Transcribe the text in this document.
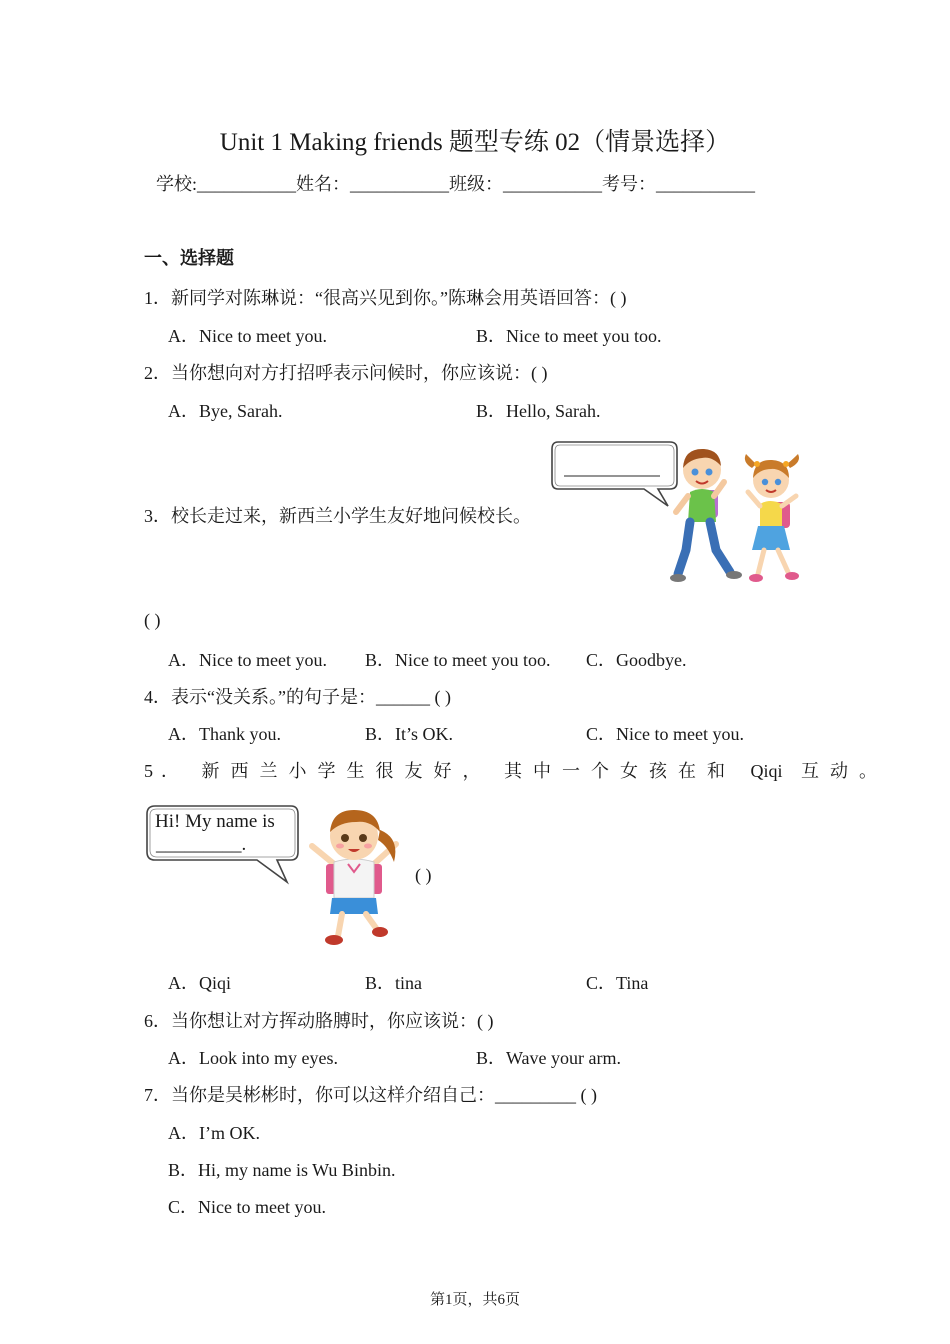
Unit 1 Making friends 题型专练 02（情景选择）
学校:___________姓名：___________班级：___________考号：___________
一、选择题
1．新同学对陈琳说：“很高兴见到你。”陈琳会用英语回答：( )
A．Nice to meet you.	B．Nice to meet you too.
2．当你想向对方打招呼表示问候时，你应该说：( )
A．Bye, Sarah.	B．Hello, Sarah.
3．校长走过来，新西兰小学生友好地问候校长。
( )
A．Nice to meet you. B．Nice to meet you too. C．Goodbye.
4．表示“没关系。”的句子是：______ ( )
A．Thank you.	B．It’s OK.	C．Nice to meet you.
5． 新西兰小学生很友好， 其中一个女孩在和 Qiqi 互动。
Hi! My name is
_________.
( )
A．Qiqi	B．tina	C．Tina
6．当你想让对方挥动胳膊时，你应该说：( )
A．Look into my eyes.	B．Wave your arm.
7．当你是吴彬彬时，你可以这样介绍自己：_________ ( )
A．I’m OK.
B．Hi, my name is Wu Binbin.
C．Nice to meet you.
第1页，共6页
